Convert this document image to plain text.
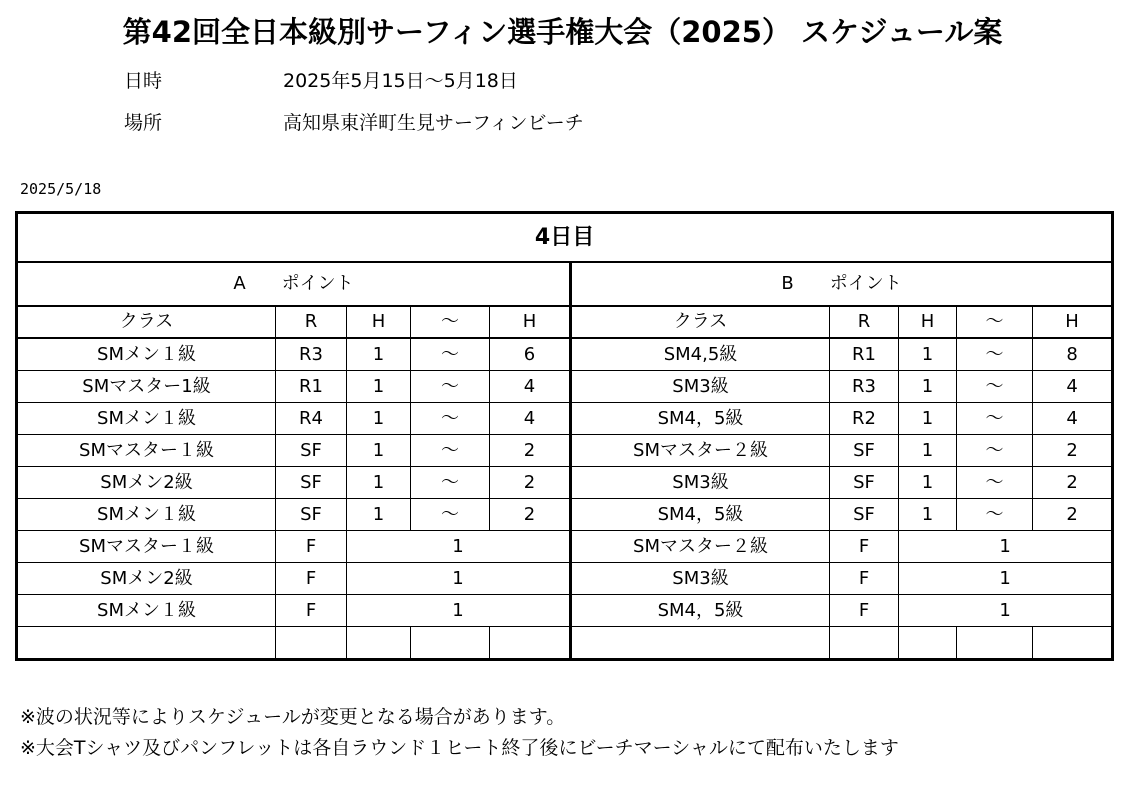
第42回全日本級別サーフィン選手権大会（2025） スケジュール案
日時	2025年5月15日～5月18日
場所	高知県東洋町生見サーフィンビーチ
2025/5/18
4日目									
A　　ポイント					B　　ポイント				
クラス	R	H	～	H	クラス	R	H	～	H
SMメン１級	R3	1	～	6	SM4,5級	R1	1	～	8
SMマスター1級	R1	1	～	4	SM3級	R3	1	～	4
SMメン１級	R4	1	～	4	SM4，5級	R2	1	～	4
SMマスター１級	SF	1	～	2	SMマスター２級	SF	1	～	2
SMメン2級	SF	1	～	2	SM3級	SF	1	～	2
SMメン１級	SF	1	～	2	SM4，5級	SF	1	～	2
SMマスター１級	F	1			SMマスター２級	F	1		
SMメン2級	F	1			SM3級	F	1		
SMメン１級	F	1			SM4，5級	F	1		

※波の状況等によりスケジュールが変更となる場合があります。
※大会Tシャツ及びパンフレットは各自ラウンド１ヒート終了後にビーチマーシャルにて配布いたします
